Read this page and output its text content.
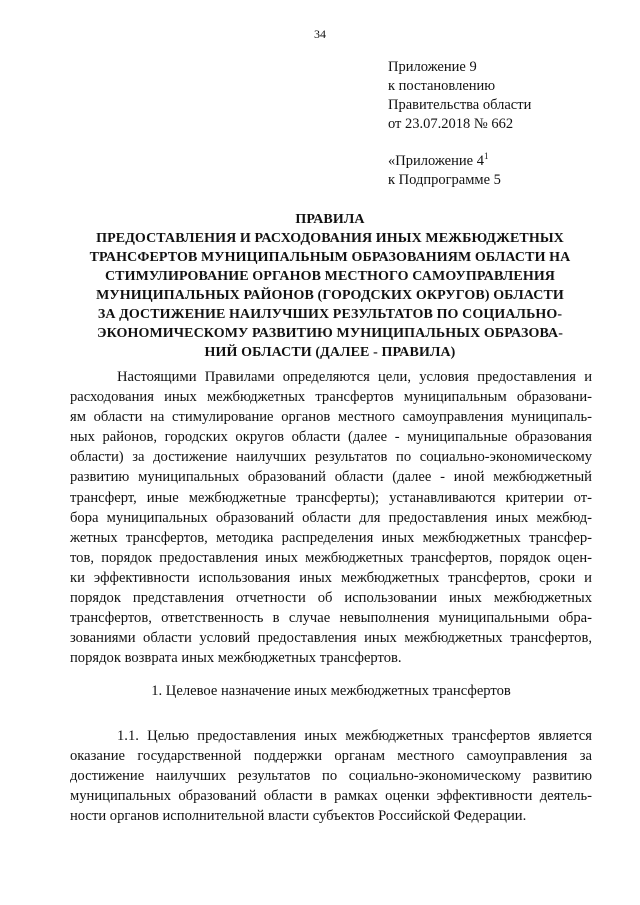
34
Приложение 9
к постановлению
Правительства области
от 23.07.2018 № 662
«Приложение $4^1$
к Подпрограмме 5
ПРАВИЛА
ПРЕДОСТАВЛЕНИЯ И РАСХОДОВАНИЯ ИНЫХ МЕЖБЮДЖЕТНЫХ
ТРАНСФЕРТОВ МУНИЦИПАЛЬНЫМ ОБРАЗОВАНИЯМ ОБЛАСТИ НА
СТИМУЛИРОВАНИЕ ОРГАНОВ МЕСТНОГО САМОУПРАВЛЕНИЯ
МУНИЦИПАЛЬНЫХ РАЙОНОВ (ГОРОДСКИХ ОКРУГОВ) ОБЛАСТИ
ЗА ДОСТИЖЕНИЕ НАИЛУЧШИХ РЕЗУЛЬТАТОВ ПО СОЦИАЛЬНО-
ЭКОНОМИЧЕСКОМУ РАЗВИТИЮ МУНИЦИПАЛЬНЫХ ОБРАЗОВА-
НИЙ ОБЛАСТИ (ДАЛЕЕ - ПРАВИЛА)
Настоящими Правилами определяются цели, условия предоставления и
расходования иных межбюджетных трансфертов муниципальным образовани-
ям области на стимулирование органов местного самоуправления муниципаль-
ных районов, городских округов области (далее - муниципальные образования
области) за достижение наилучших результатов по социально-экономическому
развитию муниципальных образований области (далее - иной межбюджетный
трансферт, иные межбюджетные трансферты); устанавливаются критерии от-
бора муниципальных образований области для предоставления иных межбюд-
жетных трансфертов, методика распределения иных межбюджетных трансфер-
тов, порядок предоставления иных межбюджетных трансфертов, порядок оцен-
ки эффективности использования иных межбюджетных трансфертов, сроки и
порядок представления отчетности об использовании иных межбюджетных
трансфертов, ответственность в случае невыполнения муниципальными обра-
зованиями области условий предоставления иных межбюджетных трансфертов,
порядок возврата иных межбюджетных трансфертов.
1. Целевое назначение иных межбюджетных трансфертов
1.1. Целью предоставления иных межбюджетных трансфертов является
оказание государственной поддержки органам местного самоуправления за
достижение наилучших результатов по социально-экономическому развитию
муниципальных образований области в рамках оценки эффективности деятель-
ности органов исполнительной власти субъектов Российской Федерации.
